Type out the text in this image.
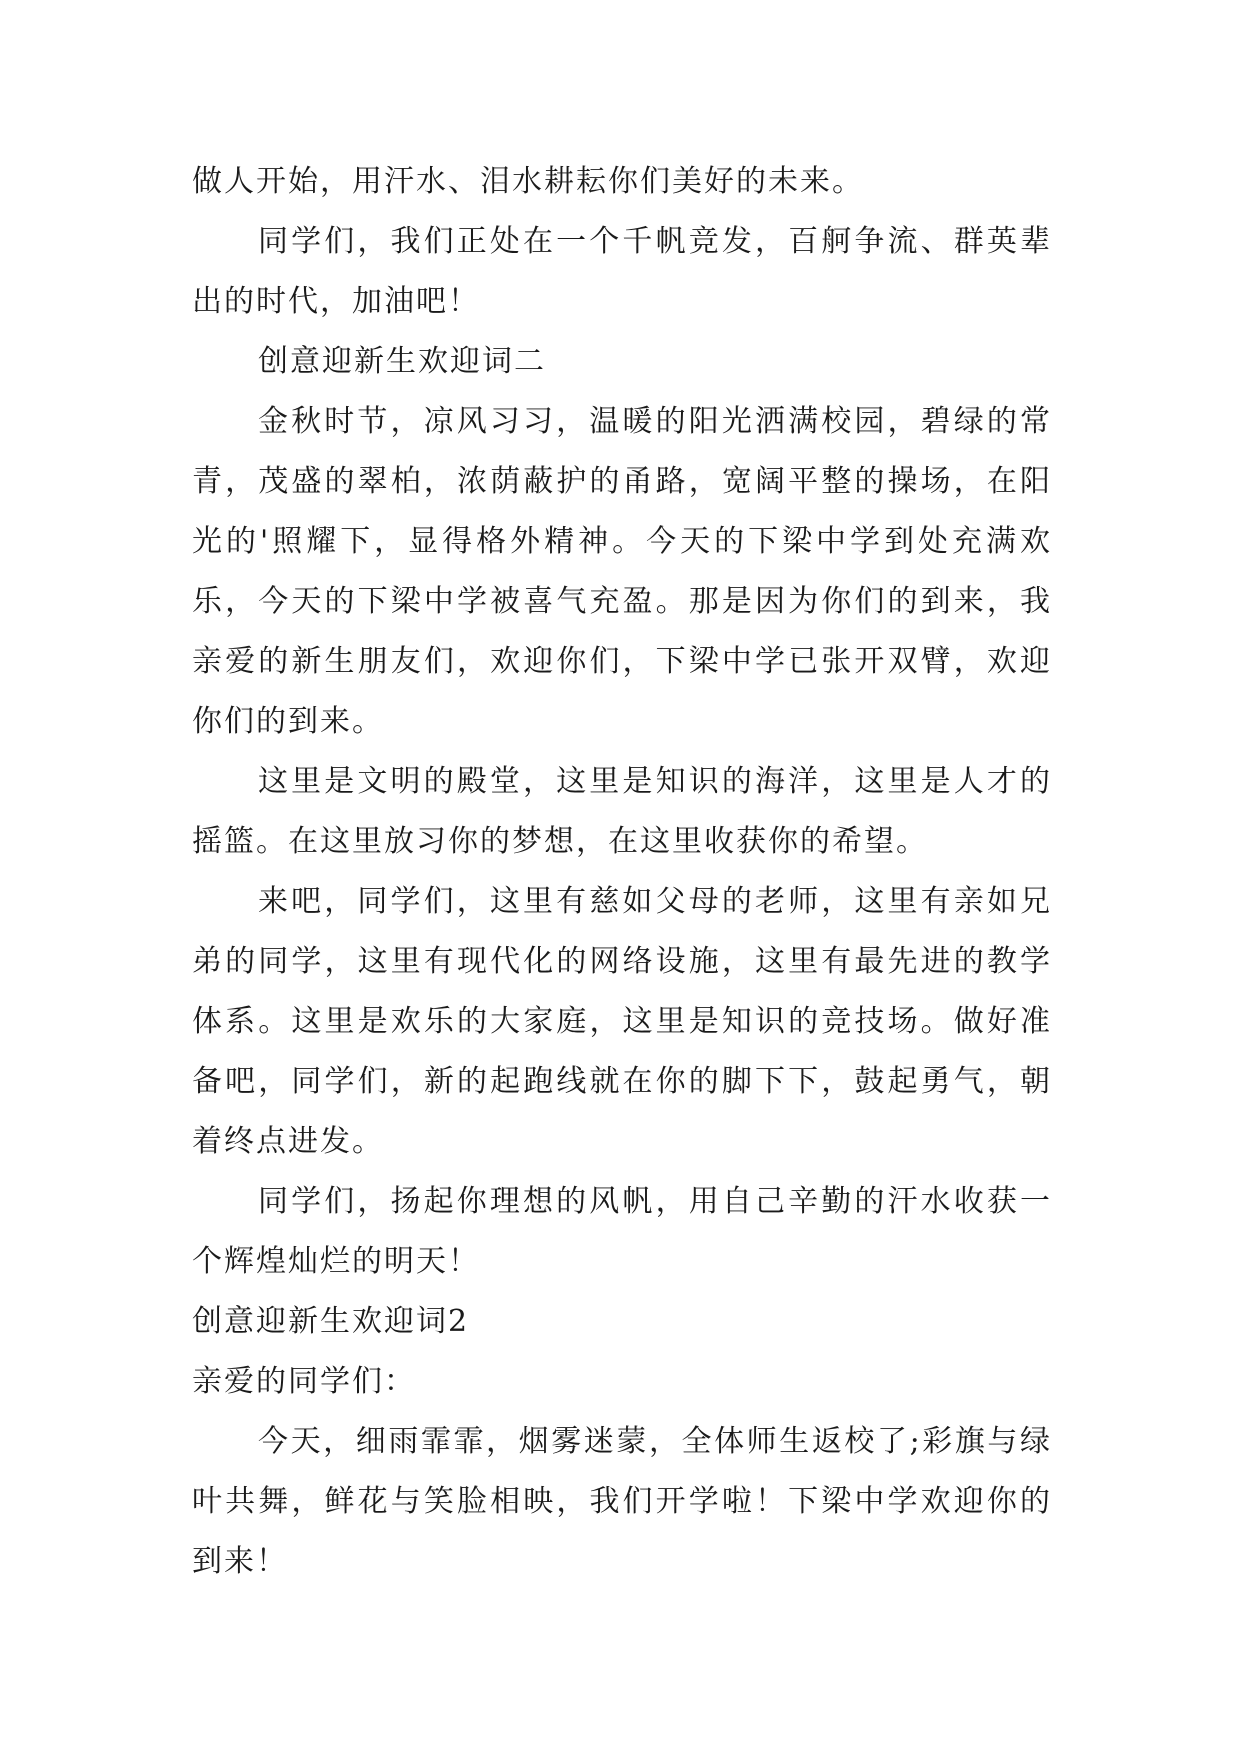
做人开始，用汗水、泪水耕耘你们美好的未来。

同学们，我们正处在一个千帆竞发，百舸争流、群英辈出的时代，加油吧！

创意迎新生欢迎词二

金秋时节，凉风习习，温暖的阳光洒满校园，碧绿的常青，茂盛的翠柏，浓荫蔽护的甬路，宽阔平整的操场，在阳光的'照耀下，显得格外精神。今天的下梁中学到处充满欢乐，今天的下梁中学被喜气充盈。那是因为你们的到来，我亲爱的新生朋友们，欢迎你们，下梁中学已张开双臂，欢迎你们的到来。

这里是文明的殿堂，这里是知识的海洋，这里是人才的摇篮。在这里放习你的梦想，在这里收获你的希望。

来吧，同学们，这里有慈如父母的老师，这里有亲如兄弟的同学，这里有现代化的网络设施，这里有最先进的教学体系。这里是欢乐的大家庭，这里是知识的竞技场。做好准备吧，同学们，新的起跑线就在你的脚下下，鼓起勇气，朝着终点进发。

同学们，扬起你理想的风帆，用自己辛勤的汗水收获一个辉煌灿烂的明天！

创意迎新生欢迎词2

亲爱的同学们：

今天，细雨霏霏，烟雾迷蒙，全体师生返校了;彩旗与绿叶共舞，鲜花与笑脸相映，我们开学啦！下梁中学欢迎你的到来！
